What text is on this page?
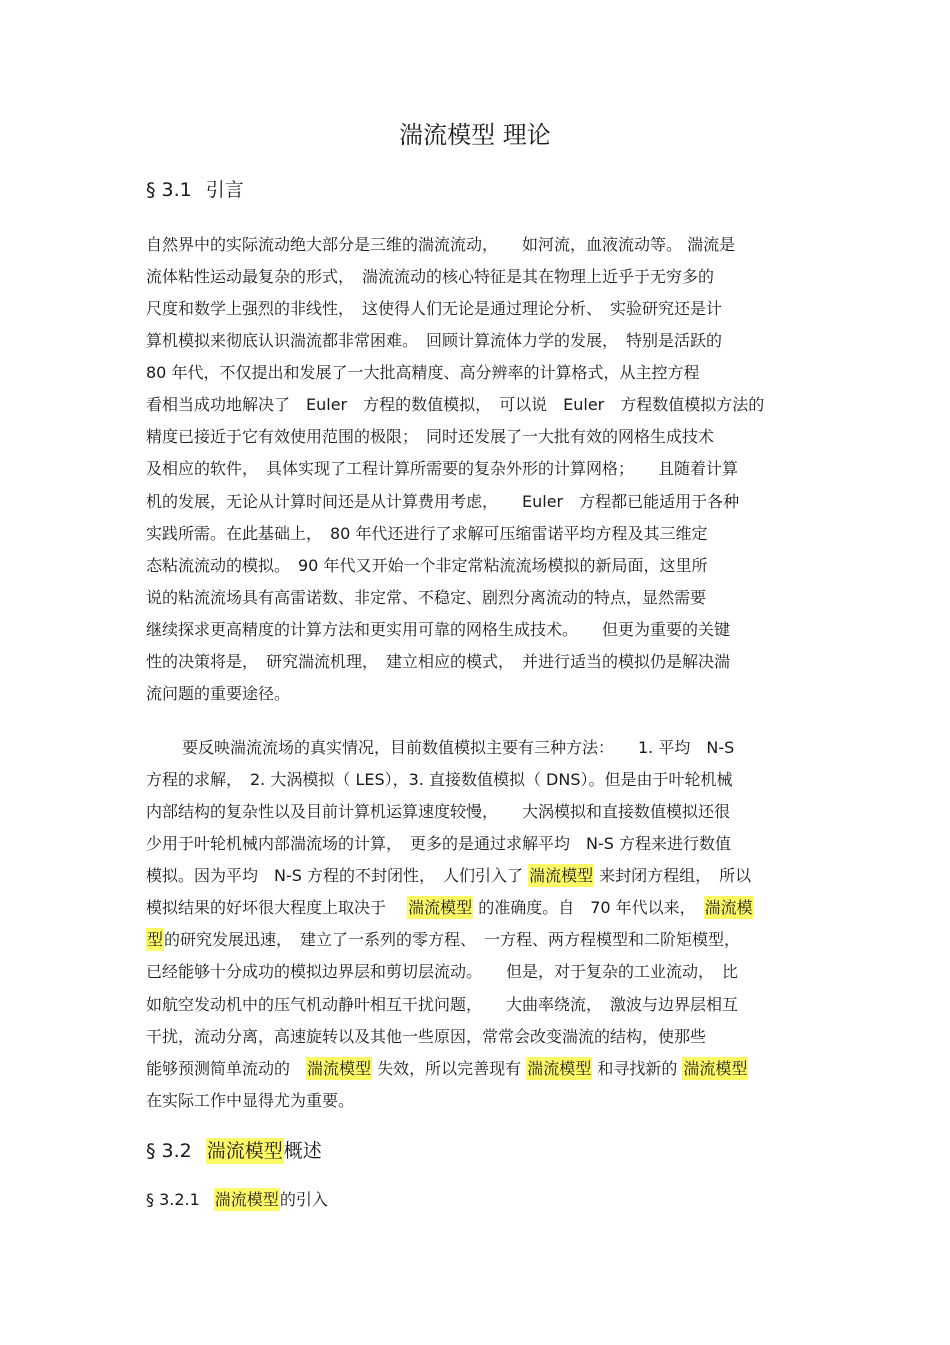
湍流模型 理论
§ 3.1 引言
自然界中的实际流动绝大部分是三维的湍流流动，　　如河流，血液流动等。 湍流是
流体粘性运动最复杂的形式，　湍流流动的核心特征是其在物理上近乎于无穷多的
尺度和数学上强烈的非线性，　这使得人们无论是通过理论分析、　实验研究还是计
算机模拟来彻底认识湍流都非常困难。　回顾计算流体力学的发展，　特别是活跃的
80 年代，不仅提出和发展了一大批高精度、高分辨率的计算格式，从主控方程
看相当成功地解决了　Euler　方程的数值模拟，　可以说　Euler　方程数值模拟方法的
精度已接近于它有效使用范围的极限；　同时还发展了一大批有效的网格生成技术
及相应的软件，　具体实现了工程计算所需要的复杂外形的计算网格；　　且随着计算
机的发展，无论从计算时间还是从计算费用考虑，　　Euler　方程都已能适用于各种
实践所需。在此基础上，　80 年代还进行了求解可压缩雷诺平均方程及其三维定
态粘流流动的模拟。　90 年代又开始一个非定常粘流流场模拟的新局面，这里所
说的粘流流场具有高雷诺数、非定常、不稳定、剧烈分离流动的特点，显然需要
继续探求更高精度的计算方法和更实用可靠的网格生成技术。　　但更为重要的关键
性的决策将是，　研究湍流机理，　建立相应的模式，　并进行适当的模拟仍是解决湍
流问题的重要途径。
要反映湍流流场的真实情况，目前数值模拟主要有三种方法：　　1. 平均　N-S
方程的求解，　2. 大涡模拟（ LES），3. 直接数值模拟（ DNS）。但是由于叶轮机械
内部结构的复杂性以及目前计算机运算速度较慢，　　大涡模拟和直接数值模拟还很
少用于叶轮机械内部湍流场的计算，　更多的是通过求解平均　N-S 方程来进行数值
模拟。因为平均　N-S 方程的不封闭性，　人们引入了 湍流模型 来封闭方程组，　所以
模拟结果的好坏很大程度上取决于　 湍流模型 的准确度。自　70 年代以来，　湍流模
型的研究发展迅速，　建立了一系列的零方程、　一方程、两方程模型和二阶矩模型，
已经能够十分成功的模拟边界层和剪切层流动。　　但是，对于复杂的工业流动，　比
如航空发动机中的压气机动静叶相互干扰问题，　　大曲率绕流，　激波与边界层相互
干扰，流动分离，高速旋转以及其他一些原因，常常会改变湍流的结构，使那些
能够预测简单流动的　湍流模型 失效，所以完善现有 湍流模型 和寻找新的 湍流模型
在实际工作中显得尤为重要。
§ 3.2 湍流模型概述
§ 3.2.1 湍流模型的引入
